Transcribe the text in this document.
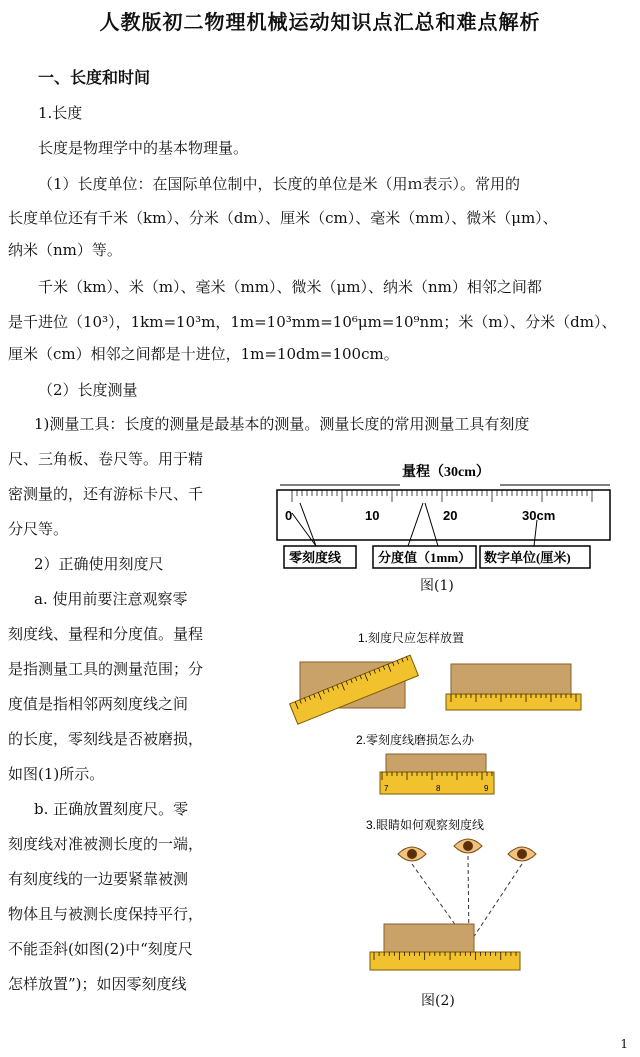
人教版初二物理机械运动知识点汇总和难点解析

一、长度和时间

1.长度

长度是物理学中的基本物理量。

（1）长度单位：在国际单位制中，长度的单位是米（用ｍ表示）。常用的

长度单位还有千米（km）、分米（dm）、厘米（cm）、毫米（mm）、微米（μm）、

纳米（nm）等。

千米（km）、米（m）、毫米（mm）、微米（μm）、纳米（nm）相邻之间都

是千进位（10³），1km=10³m，1m=10³mm=10⁶μm=10⁹nm；米（m）、分米（dm）、

厘米（cm）相邻之间都是十进位，1m=10dm=100cm。

（2）长度测量

1)测量工具：长度的测量是最基本的测量。测量长度的常用测量工具有刻度

尺、三角板、卷尺等。用于精

密测量的，还有游标卡尺、千

分尺等。

2）正确使用刻度尺

a. 使用前要注意观察零

刻度线、量程和分度值。量程

是指测量工具的测量范围；分

度值是指相邻两刻度线之间

的长度，零刻线是否被磨损，

如图(1)所示。

b. 正确放置刻度尺。零

刻度线对准被测长度的一端，

有刻度线的一边要紧靠被测

物体且与被测长度保持平行，

不能歪斜(如图(2)中“刻度尺

怎样放置”)；如因零刻度线

量程（30cm）
0	10	20	30cm
零刻度线	分度值（1mm） 数字单位(厘米)
图(1)
1.刻度尺应怎样放置
2.零刻度线磨损怎么办
7	8	9
3.眼睛如何观察刻度线
图(2)
1
